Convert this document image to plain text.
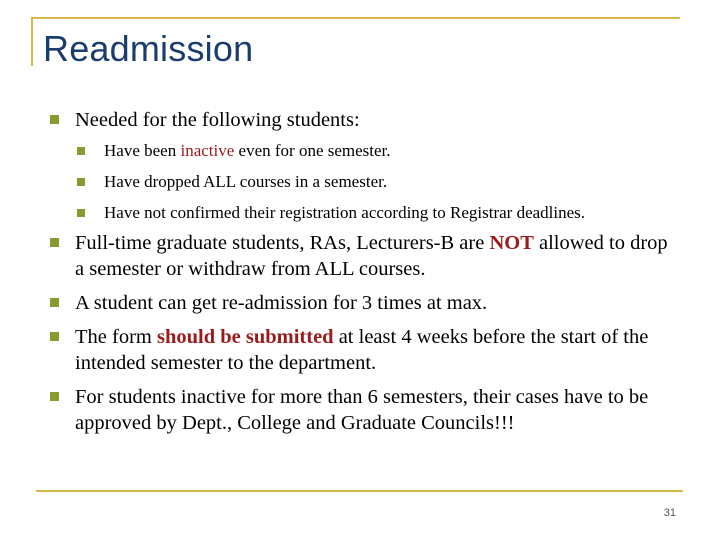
Readmission
Needed for the following students:
Have been inactive even for one semester.
Have dropped ALL courses in a semester.
Have not confirmed their registration according to Registrar deadlines.
Full-time graduate students, RAs, Lecturers-B are NOT allowed to drop a semester or withdraw from ALL courses.
A student can get re-admission for 3 times at max.
The form should be submitted at least 4 weeks before the start of the intended semester to the department.
For students inactive for more than 6 semesters, their cases have to be approved by Dept., College and Graduate Councils!!!
31
